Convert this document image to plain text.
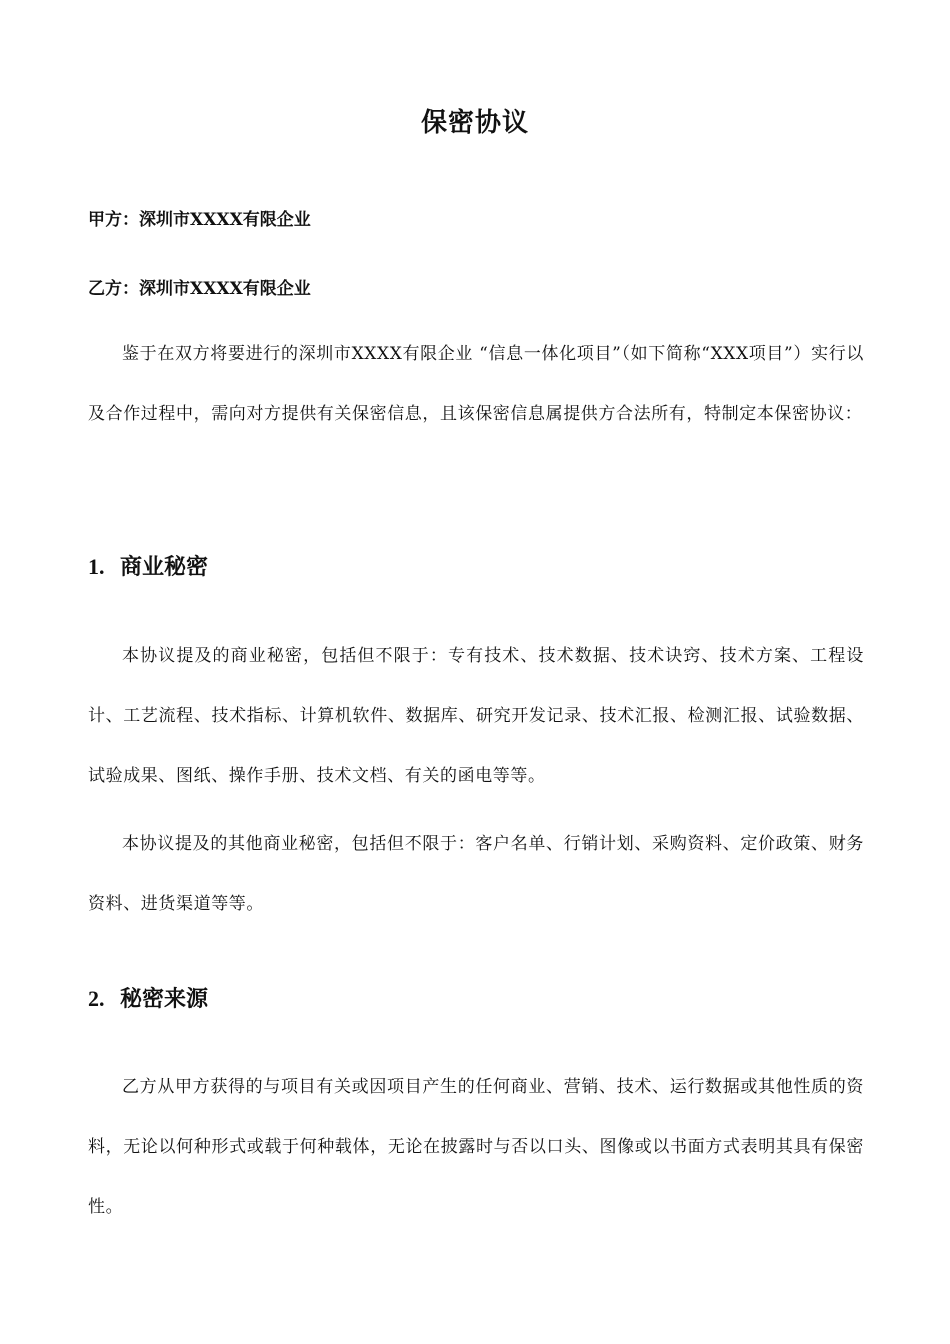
保密协议
甲方：深圳市XXXX有限企业
乙方：深圳市XXXX有限企业

鉴于在双方将要进行的深圳市XXXX有限企业 “信息一体化项目”（如下简称“XXX项目”）实行以及合作过程中，需向对方提供有关保密信息，且该保密信息属提供方合法所有，特制定本保密协议：

1. 商业秘密

本协议提及的商业秘密，包括但不限于：专有技术、技术数据、技术诀窍、技术方案、工程设计、工艺流程、技术指标、计算机软件、数据库、研究开发记录、技术汇报、检测汇报、试验数据、试验成果、图纸、操作手册、技术文档、有关的函电等等。

本协议提及的其他商业秘密，包括但不限于：客户名单、行销计划、采购资料、定价政策、财务资料、进货渠道等等。

2. 秘密来源

乙方从甲方获得的与项目有关或因项目产生的任何商业、营销、技术、运行数据或其他性质的资料，无论以何种形式或载于何种载体，无论在披露时与否以口头、图像或以书面方式表明其具有保密性。
